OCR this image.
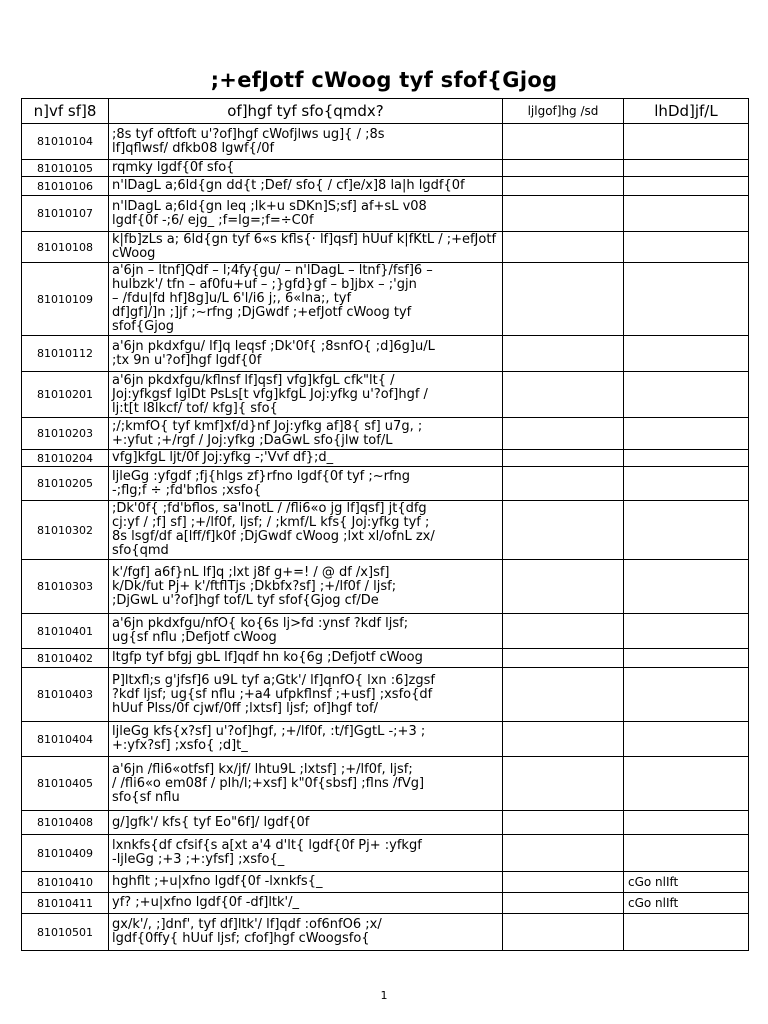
;+efJotf cWoog tyf sfof{Gjog
n]vf sf]8	of]hgf tyf sfo{qmdx?	ljlgof]hg /sd	lhDd]jf/L
81010104	;8s tyf oftfoft u'?of]hgf cWofjlws ug]{ / ;8s
lf]qflwsf/ dfkb08 lgwf{/0f		
81010105	rqmky lgdf{0f sfo{		
81010106	n'lDagL a;6ld{gn dd{t ;Def/ sfo{ / cf]e/x]8 la|h lgdf{0f		
81010107	n'lDagL a;6ld{gn leq ;lk+u sDKn]S;sf] af+sL v08
lgdf{0f -;6/ ejg_ ;f=lg=;f=÷C0f		
81010108	k|fb]zLs a; 6ld{gn tyf 6«s kfls{· lf]qsf] hUuf k|fKtL / ;+efJotf cWoog		
81010109	a'6jn – ltnf]Qdf – l;4fy{gu/ – n'lDagL – ltnf}/fsf]6 –
hulbzk'/ tfn – af0fu+uf – ;}gfd}gf – b]jbx – ;'gjn
– /fdu|fd hf]8g]u/L 6'l/i6 j;, 6«lna;, tyf
df]gf]/]n ;]jf ;~rfng ;DjGwdf ;+efJotf cWoog tyf
sfof{Gjog		
81010112	a'6jn pkdxfgu/ lf]q leqsf ;Dk'0f{ ;8snfO{ ;d]6g]u/L
;tx 9n u'?of]hgf lgdf{0f		
81010201	a'6jn pkdxfgu/kflnsf lf]qsf] vfg]kfgL cfk"lt{ /
Joj:yfkgsf lglDt PsLs[t vfg]kfgL Joj:yfkg u'?of]hgf /
lj:t[t l8lkcf/ tof/ kfg]{ sfo{		
81010203	;/;kmfO{ tyf kmf]xf/d}nf Joj:yfkg af]8{ sf] u7g, ;
+:yfut ;+/rgf / Joj:yfkg ;DaGwL sfo{jlw tof/L		
81010204	vfg]kfgL ljt/0f Joj:yfkg -;'Vvf df};d_		
81010205	ljleGg :yfgdf ;fj{hlgs zf}rfno lgdf{0f tyf ;~rfng
-;flg;f ÷ ;fd'bflos ;xsfo{		
81010302	;Dk'0f{ ;fd'bflos, sa'lnotL / /fli6«o jg lf]qsf] jt{dfg
cj:yf / ;f] sf] ;+/lf0f, ljsf; / ;kmf/L kfs{ Joj:yfkg tyf ;
8s lsgf/df a[lff/f]k0f ;DjGwdf cWoog ;lxt xl/ofnL zx/
sfo{qmd		
81010303	k'/fgf] a6f}nL lf]q ;lxt j8f g+=! / @ df /x]sf]
k/Dk/fut Pj+ k'/ftflTjs ;Dkbfx?sf] ;+/lf0f / ljsf;
;DjGwL u'?of]hgf tof/L tyf sfof{Gjog cf/De		
81010401	a'6jn pkdxfgu/nfO{ ko{6s lj>fd :ynsf ?kdf ljsf;
ug{sf nflu ;Defjotf cWoog		
81010402	ltgfp tyf bfgj gbL lf]qdf hn ko{6g ;Defjotf cWoog		
81010403	P]ltxfl;s g'jfsf]6 u9L tyf a;Gtk'/ lf]qnfO{ lxn :6]zgsf
?kdf ljsf; ug{sf nflu ;+a4 ufpkflnsf ;+usf] ;xsfo{df
hUuf Plss/0f cjwf/0ff ;lxtsf] ljsf; of]hgf tof/		
81010404	ljleGg kfs{x?sf] u'?of]hgf, ;+/lf0f, :t/f]GgtL -;+3 ;
+:yfx?sf] ;xsfo{ ;d]t_		
81010405	a'6jn /fli6«otfsf] kx/jf/ lhtu9L ;lxtsf] ;+/lf0f, ljsf;
/ /fli6«o em08f / plh/l;+xsf] k"0f{sbsf] ;flns /fVg]
sfo{sf nflu		
81010408	g/]gfk'/ kfs{ tyf Eo"6f]/ lgdf{0f		
81010409	lxnkfs{df cfsif{s a[xt a'4 d'lt{ lgdf{0f Pj+ :yfkgf
-ljleGg ;+3 ;+:yfsf] ;xsfo{_		
81010410	hghflt ;+u|xfno lgdf{0f -lxnkfs{_		cGo nlIft
81010411	yf? ;+u|xfno lgdf{0f -df]ltk'/_		cGo nlIft
81010501	gx/k'/, ;]dnf', tyf df]ltk'/ lf]qdf :of6nfO6 ;x/
lgdf{0ffy{ hUuf ljsf; cfof]hgf cWoogsfo{		
1
